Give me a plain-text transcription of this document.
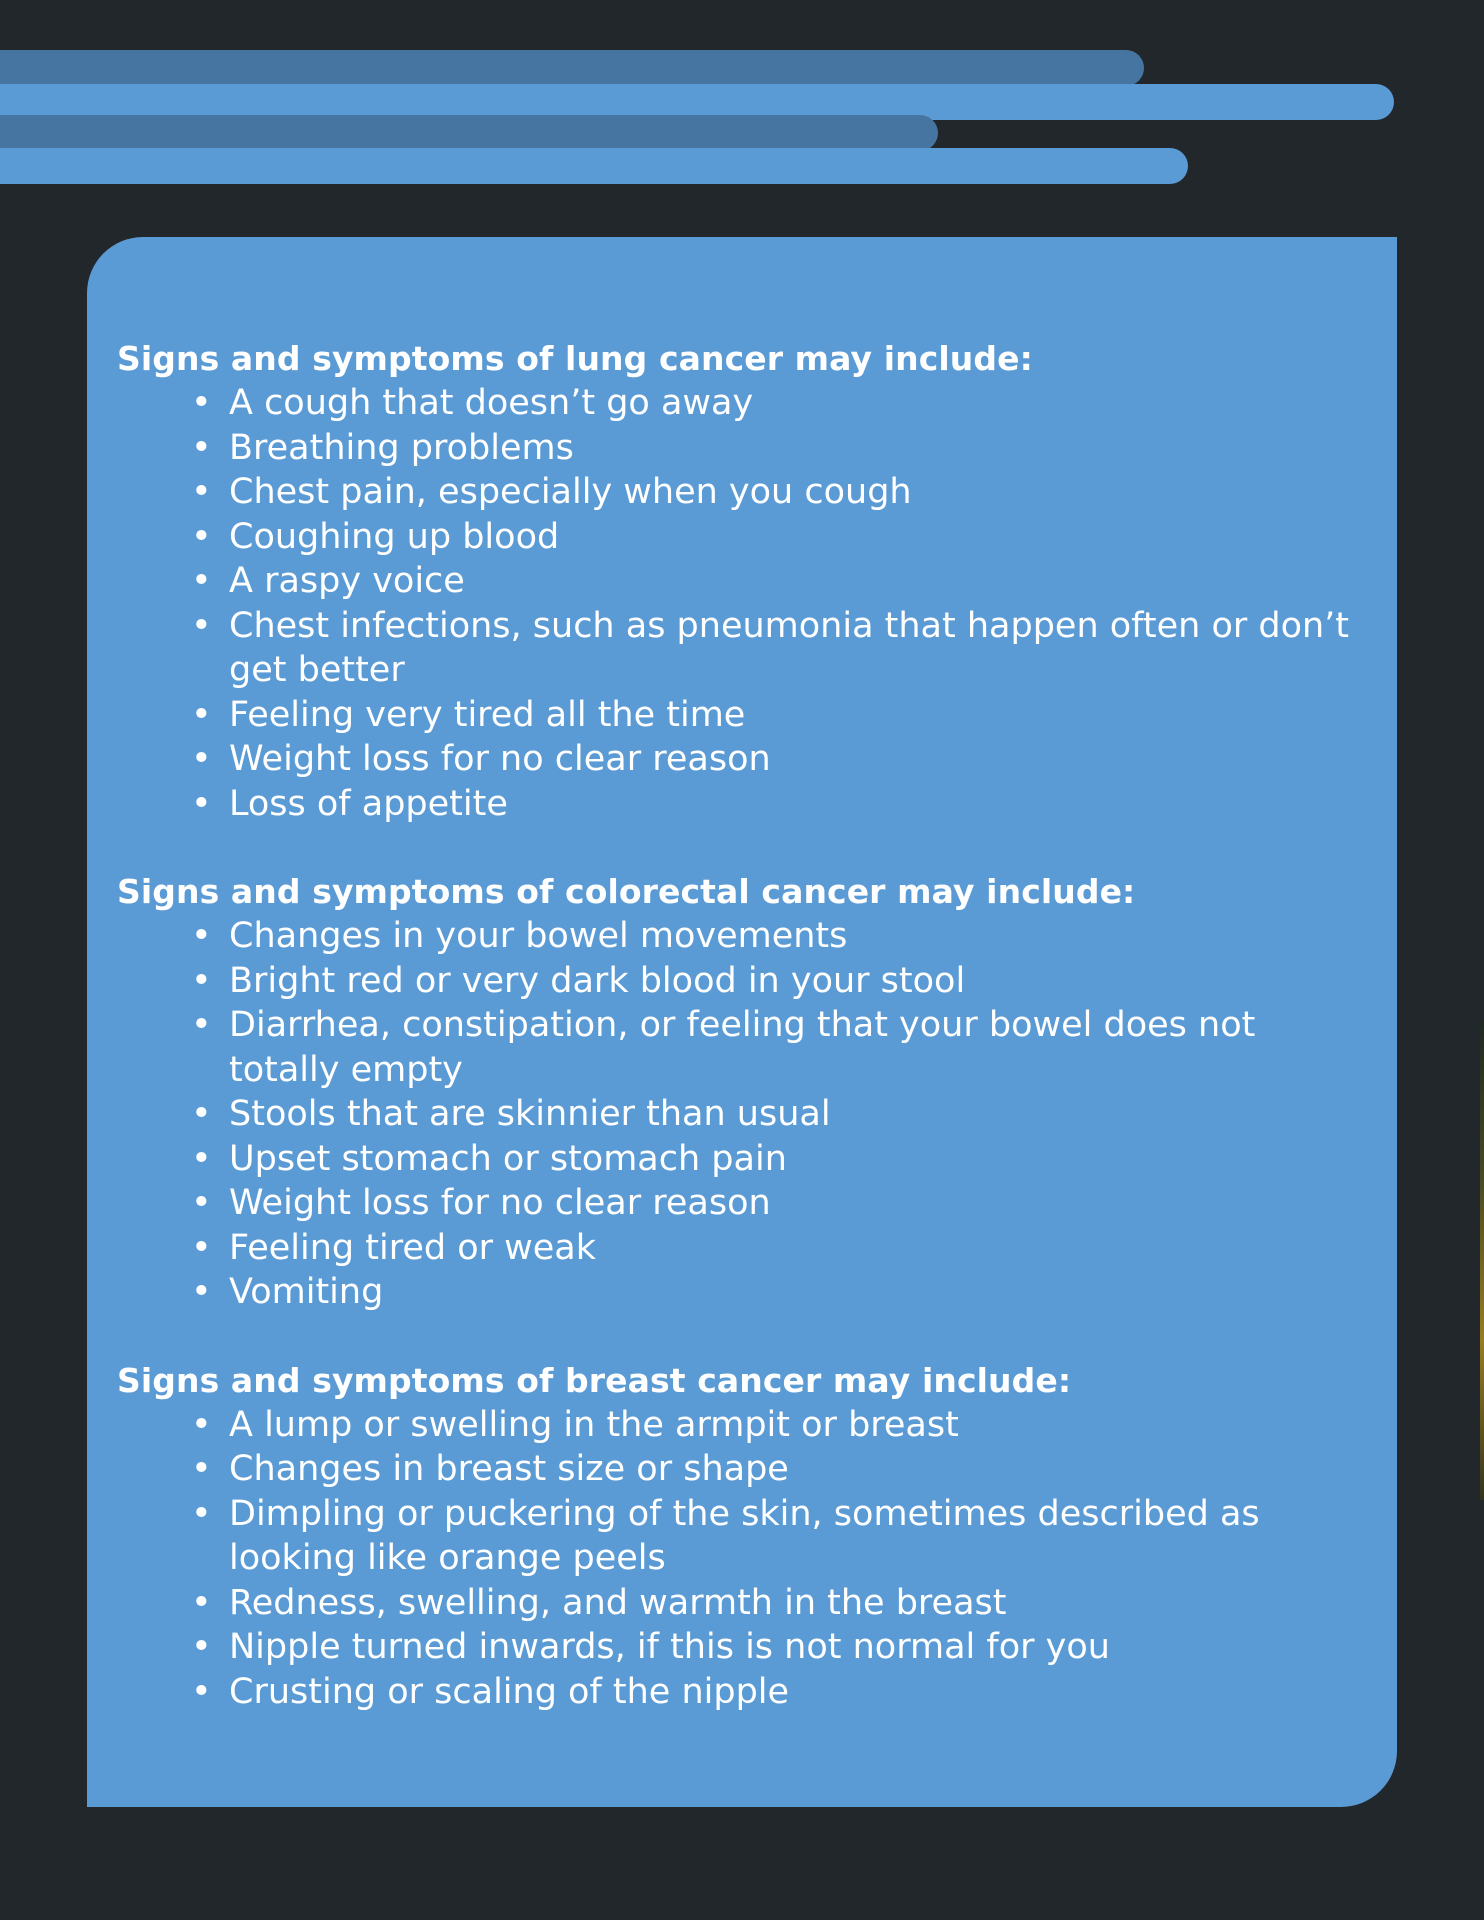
Signs and symptoms of lung cancer may include:

• A cough that doesn’t go away
• Breathing problems
• Chest pain, especially when you cough
• Coughing up blood
• A raspy voice
• Chest infections, such as pneumonia that happen often or don’t get better
• Feeling very tired all the time
• Weight loss for no clear reason
• Loss of appetite

Signs and symptoms of colorectal cancer may include:

• Changes in your bowel movements
• Bright red or very dark blood in your stool
• Diarrhea, constipation, or feeling that your bowel does not totally empty
• Stools that are skinnier than usual
• Upset stomach or stomach pain
• Weight loss for no clear reason
• Feeling tired or weak
• Vomiting

Signs and symptoms of breast cancer may include:

• A lump or swelling in the armpit or breast
• Changes in breast size or shape
• Dimpling or puckering of the skin, sometimes described as looking like orange peels
• Redness, swelling, and warmth in the breast
• Nipple turned inwards, if this is not normal for you
• Crusting or scaling of the nipple
